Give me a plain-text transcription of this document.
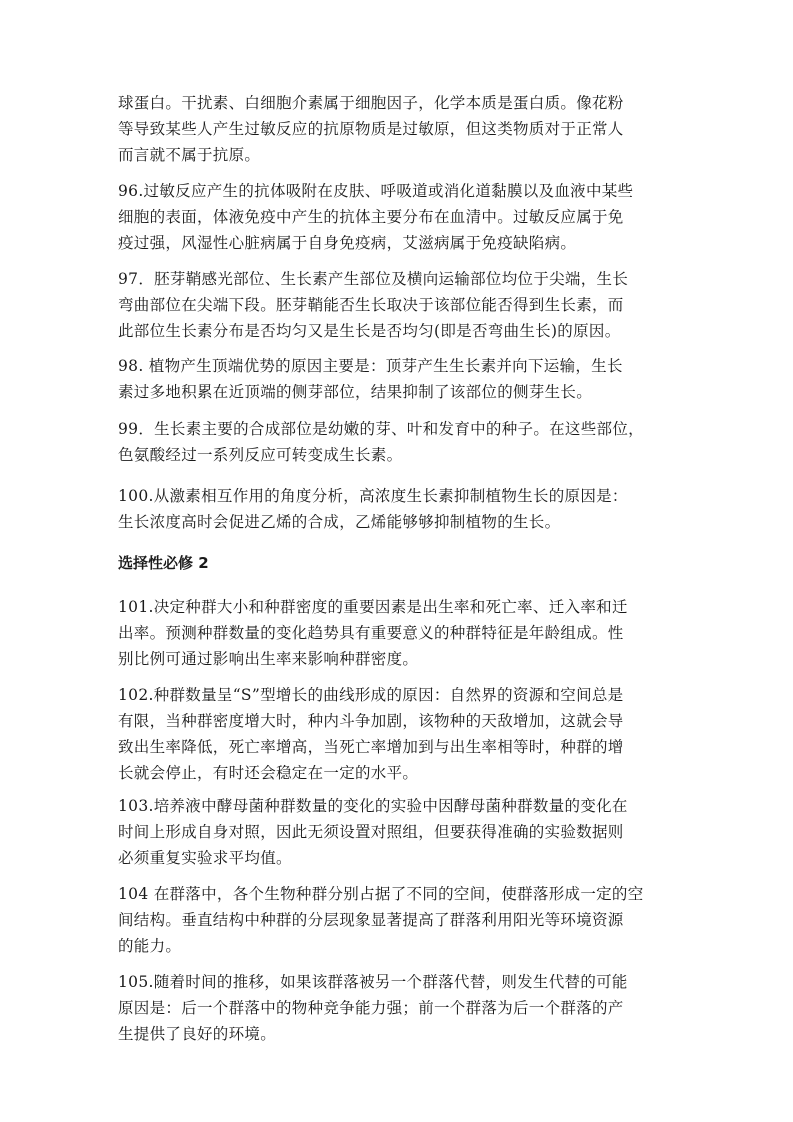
球蛋白。干扰素、白细胞介素属于细胞因子，化学本质是蛋白质。像花粉
等导致某些人产生过敏反应的抗原物质是过敏原，但这类物质对于正常人
而言就不属于抗原。
96.过敏反应产生的抗体吸附在皮肤、呼吸道或消化道黏膜以及血液中某些
细胞的表面，体液免疫中产生的抗体主要分布在血清中。过敏反应属于免
疫过强，风湿性心脏病属于自身免疫病，艾滋病属于免疫缺陷病。
97．胚芽鞘感光部位、生长素产生部位及横向运输部位均位于尖端，生长
弯曲部位在尖端下段。胚芽鞘能否生长取决于该部位能否得到生长素，而
此部位生长素分布是否均匀又是生长是否均匀(即是否弯曲生长)的原因。
98. 植物产生顶端优势的原因主要是：顶芽产生生长素并向下运输，生长
素过多地积累在近顶端的侧芽部位，结果抑制了该部位的侧芽生长。
99．生长素主要的合成部位是幼嫩的芽、叶和发育中的种子。在这些部位，
色氨酸经过一系列反应可转变成生长素。
100.从激素相互作用的角度分析，高浓度生长素抑制植物生长的原因是：
生长浓度高时会促进乙烯的合成，乙烯能够够抑制植物的生长。
选择性必修 2
101.决定种群大小和种群密度的重要因素是出生率和死亡率、迁入率和迁
出率。预测种群数量的变化趋势具有重要意义的种群特征是年龄组成。性
别比例可通过影响出生率来影响种群密度。
102.种群数量呈“S”型增长的曲线形成的原因：自然界的资源和空间总是
有限，当种群密度增大时，种内斗争加剧，该物种的天敌增加，这就会导
致出生率降低，死亡率增高，当死亡率增加到与出生率相等时，种群的增
长就会停止，有时还会稳定在一定的水平。
103.培养液中酵母菌种群数量的变化的实验中因酵母菌种群数量的变化在
时间上形成自身对照，因此无须设置对照组，但要获得准确的实验数据则
必须重复实验求平均值。
104 在群落中，各个生物种群分别占据了不同的空间，使群落形成一定的空
间结构。垂直结构中种群的分层现象显著提高了群落利用阳光等环境资源
的能力。
105.随着时间的推移，如果该群落被另一个群落代替，则发生代替的可能
原因是：后一个群落中的物种竞争能力强；前一个群落为后一个群落的产
生提供了良好的环境。
